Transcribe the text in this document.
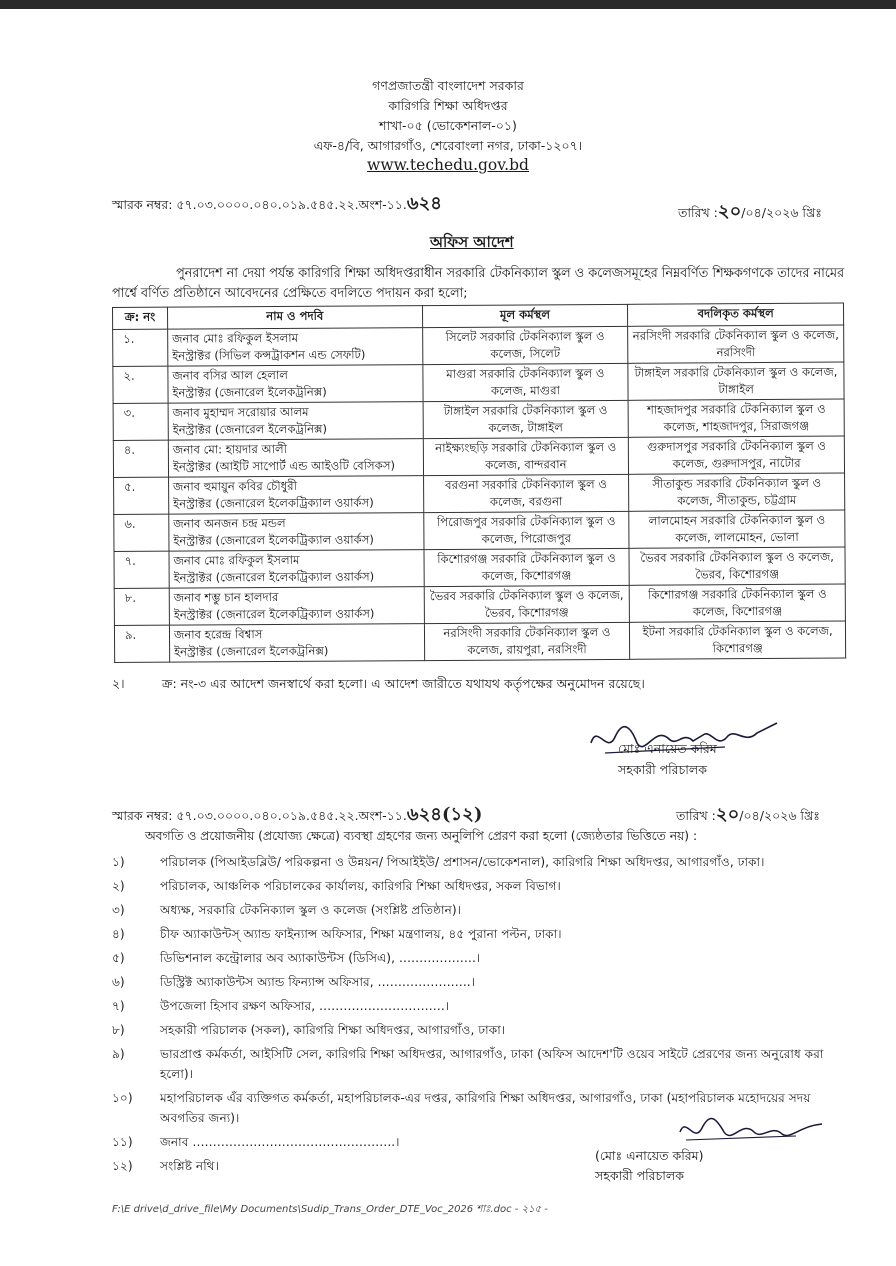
গণপ্রজাতন্ত্রী বাংলাদেশ সরকার
কারিগরি শিক্ষা অধিদপ্তর
শাখা-০৫ (ভোকেশনাল-০১)
এফ-৪/বি, আগারগাঁও, শেরেবাংলা নগর, ঢাকা-১২০৭।
www.techedu.gov.bd
স্মারক নম্বর: ৫৭.০৩.০০০০.০৪০.০১৯.৫৪৫.২২.অংশ-১১.৬২৪	তারিখ :২০/০৪/২০২৬ খ্রিঃ
অফিস আদেশ
পুনরাদেশ না দেয়া পর্যন্ত কারিগরি শিক্ষা অধিদপ্তরাধীন সরকারি টেকনিক্যাল স্কুল ও কলেজসমূহের নিম্নবর্ণিত শিক্ষকগণকে তাদের নামের পার্শ্বে বর্ণিত প্রতিষ্ঠানে আবেদনের প্রেক্ষিতে বদলিতে পদায়ন করা হলো;
ক্র: নং	নাম ও পদবি	মূল কর্মস্থল	বদলিকৃত কর্মস্থল
১.	জনাব মোঃ রফিকুল ইসলাম
ইনস্ট্রাক্টর (সিভিল কন্সট্রাকশন এন্ড সেফটি)	সিলেট সরকারি টেকনিক্যাল স্কুল ও কলেজ, সিলেট	নরসিংদী সরকারি টেকনিক্যাল স্কুল ও কলেজ, নরসিংদী
২.	জনাব বসির আল হেলাল
ইনস্ট্রাক্টর (জেনারেল ইলেকট্রনিক্স)	মাগুরা সরকারি টেকনিক্যাল স্কুল ও কলেজ, মাগুরা	টাঙ্গাইল সরকারি টেকনিক্যাল স্কুল ও কলেজ, টাঙ্গাইল
৩.	জনাব মুহাম্মদ সরোয়ার আলম
ইনস্ট্রাক্টর (জেনারেল ইলেকট্রনিক্স)	টাঙ্গাইল সরকারি টেকনিক্যাল স্কুল ও কলেজ, টাঙ্গাইল	শাহজাদপুর সরকারি টেকনিক্যাল স্কুল ও কলেজ, শাহজাদপুর, সিরাজগঞ্জ
৪.	জনাব মো: হায়দার আলী
ইনস্ট্রাক্টর (আইটি সাপোর্ট এন্ড আইওটি বেসিকস)	নাইক্ষ্যংছড়ি সরকারি টেকনিক্যাল স্কুল ও কলেজ, বান্দরবান	গুরুদাসপুর সরকারি টেকনিক্যাল স্কুল ও কলেজ, গুরুদাসপুর, নাটোর
৫.	জনাব হুমায়ুন কবির চৌধুরী
ইনস্ট্রাক্টর (জেনারেল ইলেকট্রিক্যাল ওয়ার্কস)	বরগুনা সরকারি টেকনিক্যাল স্কুল ও কলেজ, বরগুনা	সীতাকুন্ড সরকারি টেকনিক্যাল স্কুল ও কলেজ, সীতাকুন্ড, চট্টগ্রাম
৬.	জনাব অনজন চন্দ্র মন্ডল
ইনস্ট্রাক্টর (জেনারেল ইলেকট্রিক্যাল ওয়ার্কস)	পিরোজপুর সরকারি টেকনিক্যাল স্কুল ও কলেজ, পিরোজপুর	লালমোহন সরকারি টেকনিক্যাল স্কুল ও কলেজ, লালমোহন, ভোলা
৭.	জনাব মোঃ রফিকুল ইসলাম
ইনস্ট্রাক্টর (জেনারেল ইলেকট্রিক্যাল ওয়ার্কস)	কিশোরগঞ্জ সরকারি টেকনিক্যাল স্কুল ও কলেজ, কিশোরগঞ্জ	ভৈরব সরকারি টেকনিক্যাল স্কুল ও কলেজ, ভৈরব, কিশোরগঞ্জ
৮.	জনাব শম্ভু চান হালদার
ইনস্ট্রাক্টর (জেনারেল ইলেকট্রিক্যাল ওয়ার্কস)	ভৈরব সরকারি টেকনিক্যাল স্কুল ও কলেজ, ভৈরব, কিশোরগঞ্জ	কিশোরগঞ্জ সরকারি টেকনিক্যাল স্কুল ও কলেজ, কিশোরগঞ্জ
৯.	জনাব হরেন্দ্র বিশ্বাস
ইনস্ট্রাক্টর (জেনারেল ইলেকট্রনিক্স)	নরসিংদী সরকারি টেকনিক্যাল স্কুল ও কলেজ, রায়পুরা, নরসিংদী	ইটনা সরকারি টেকনিক্যাল স্কুল ও কলেজ, কিশোরগঞ্জ
২।	ক্র: নং-৩ এর আদেশ জনস্বার্থে করা হলো। এ আদেশ জারীতে যথাযথ কর্তৃপক্ষের অনুমোদন রয়েছে।
মোঃ এনায়েত করিম
সহকারী পরিচালক
স্মারক নম্বর: ৫৭.০৩.০০০০.০৪০.০১৯.৫৪৫.২২.অংশ-১১.৬২৪(১২)	তারিখ :২০/০৪/২০২৬ খ্রিঃ
অবগতি ও প্রয়োজনীয় (প্রযোজ্য ক্ষেত্রে) ব্যবস্থা গ্রহণের জন্য অনুলিপি প্রেরণ করা হলো (জ্যেষ্ঠতার ভিত্তিতে নয়) :
১)	পরিচালক (পিআইডব্লিউ/ পরিকল্পনা ও উন্নয়ন/ পিআইইউ/ প্রশাসন/ভোকেশনাল), কারিগরি শিক্ষা অধিদপ্তর, আগারগাঁও, ঢাকা।
২)	পরিচালক, আঞ্চলিক পরিচালকের কার্যালয়, কারিগরি শিক্ষা অধিদপ্তর, সকল বিভাগ।
৩)	অধ্যক্ষ, সরকারি টেকনিক্যাল স্কুল ও কলেজ (সংশ্লিষ্ট প্রতিষ্ঠান)।
৪)	চীফ অ্যাকাউন্টস্ অ্যান্ড ফাইন্যান্স অফিসার, শিক্ষা মন্ত্রণালয়, ৪৫ পুরানা পল্টন, ঢাকা।
৫)	ডিভিশনাল কন্ট্রোলার অব অ্যাকাউন্টস (ডিসিএ), ……………….।
৬)	ডিস্ট্রিক্ট অ্যাকাউন্টস অ্যান্ড ফিন্যান্স অফিসার, …………………..।
৭)	উপজেলা হিসাব রক্ষণ অফিসার, ………………………….।
৮)	সহকারী পরিচালক (সকল), কারিগরি শিক্ষা অধিদপ্তর, আগারগাঁও, ঢাকা।
৯)	ভারপ্রাপ্ত কর্মকর্তা, আইসিটি সেল, কারিগরি শিক্ষা অধিদপ্তর, আগারগাঁও, ঢাকা (অফিস আদেশ'টি ওয়েব সাইটে প্রেরণের জন্য অনুরোধ করা হলো)।
১০) মহাপরিচালক এঁর ব্যক্তিগত কর্মকর্তা, মহাপরিচালক-এর দপ্তর, কারিগরি শিক্ষা অধিদপ্তর, আগারগাঁও, ঢাকা (মহাপরিচালক মহোদয়ের সদয় অবগতির জন্য)।
১১) জনাব …………………………………………..।
১২) সংশ্লিষ্ট নথি।
(মোঃ এনায়েত করিম)
সহকারী পরিচালক
F:\E drive\d_drive_file\My Documents\Sudip_Trans_Order_DTE_Voc_2026 শাঃ.doc - ২১৫ -
